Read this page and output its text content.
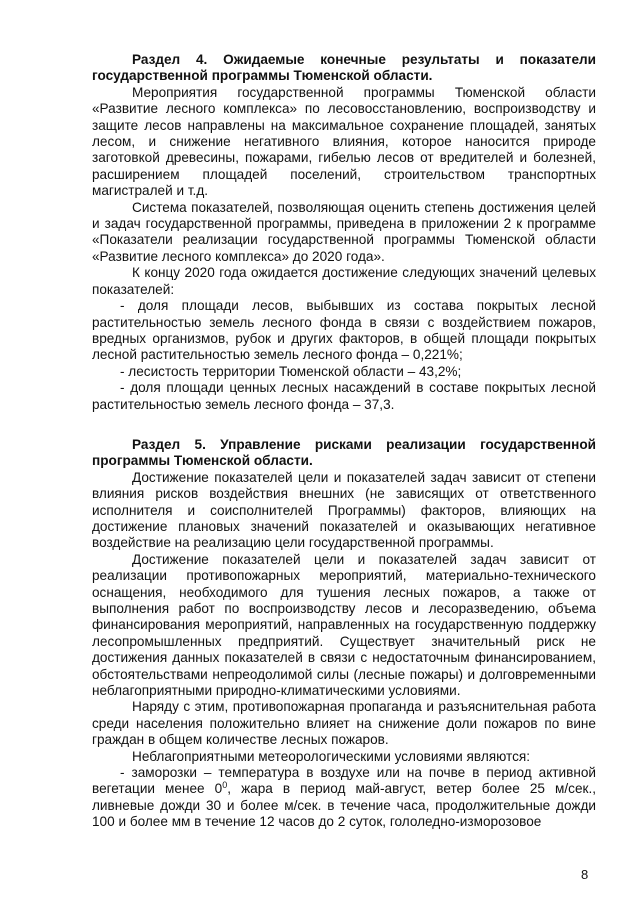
Раздел 4. Ожидаемые конечные результаты и показатели
государственной программы Тюменской области.

Мероприятия государственной программы Тюменской области «Развитие лесного комплекса» по лесовосстановлению, воспроизводству и защите лесов направлены на максимальное сохранение площадей, занятых лесом, и снижение негативного влияния, которое наносится природе заготовкой древесины, пожарами, гибелью лесов от вредителей и болезней, расширением площадей поселений, строительством транспортных магистралей и т.д.

Система показателей, позволяющая оценить степень достижения целей и задач государственной программы, приведена в приложении 2 к программе «Показатели реализации государственной программы Тюменской области «Развитие лесного комплекса» до 2020 года».

К концу 2020 года ожидается достижение следующих значений целевых показателей:

- доля площади лесов, выбывших из состава покрытых лесной растительностью земель лесного фонда в связи с воздействием пожаров, вредных организмов, рубок и других факторов, в общей площади покрытых лесной растительностью земель лесного фонда – 0,221%;

- лесистость территории Тюменской области – 43,2%;

- доля площади ценных лесных насаждений в составе покрытых лесной растительностью земель лесного фонда – 37,3.

Раздел 5. Управление рисками реализации государственной
программы Тюменской области.

Достижение показателей цели и показателей задач зависит от степени влияния рисков воздействия внешних (не зависящих от ответственного исполнителя и соисполнителей Программы) факторов, влияющих на достижение плановых значений показателей и оказывающих негативное воздействие на реализацию цели государственной программы.

Достижение показателей цели и показателей задач зависит от реализации противопожарных мероприятий, материально-технического оснащения, необходимого для тушения лесных пожаров, а также от выполнения работ по воспроизводству лесов и лесоразведению, объема финансирования мероприятий, направленных на государственную поддержку лесопромышленных предприятий. Существует значительный риск не достижения данных показателей в связи с недостаточным финансированием, обстоятельствами непреодолимой силы (лесные пожары) и долговременными неблагоприятными природно-климатическими условиями.

Наряду с этим, противопожарная пропаганда и разъяснительная работа среди населения положительно влияет на снижение доли пожаров по вине граждан в общем количестве лесных пожаров.

Неблагоприятными метеорологическими условиями являются:

- заморозки – температура в воздухе или на почве в период активной вегетации менее $0^0$, жара в период май-август, ветер более 25 м/сек., ливневые дожди 30 и более м/сек. в течение часа, продолжительные дожди 100 и более мм в течение 12 часов до 2 суток, гололедно-изморозовое

8
